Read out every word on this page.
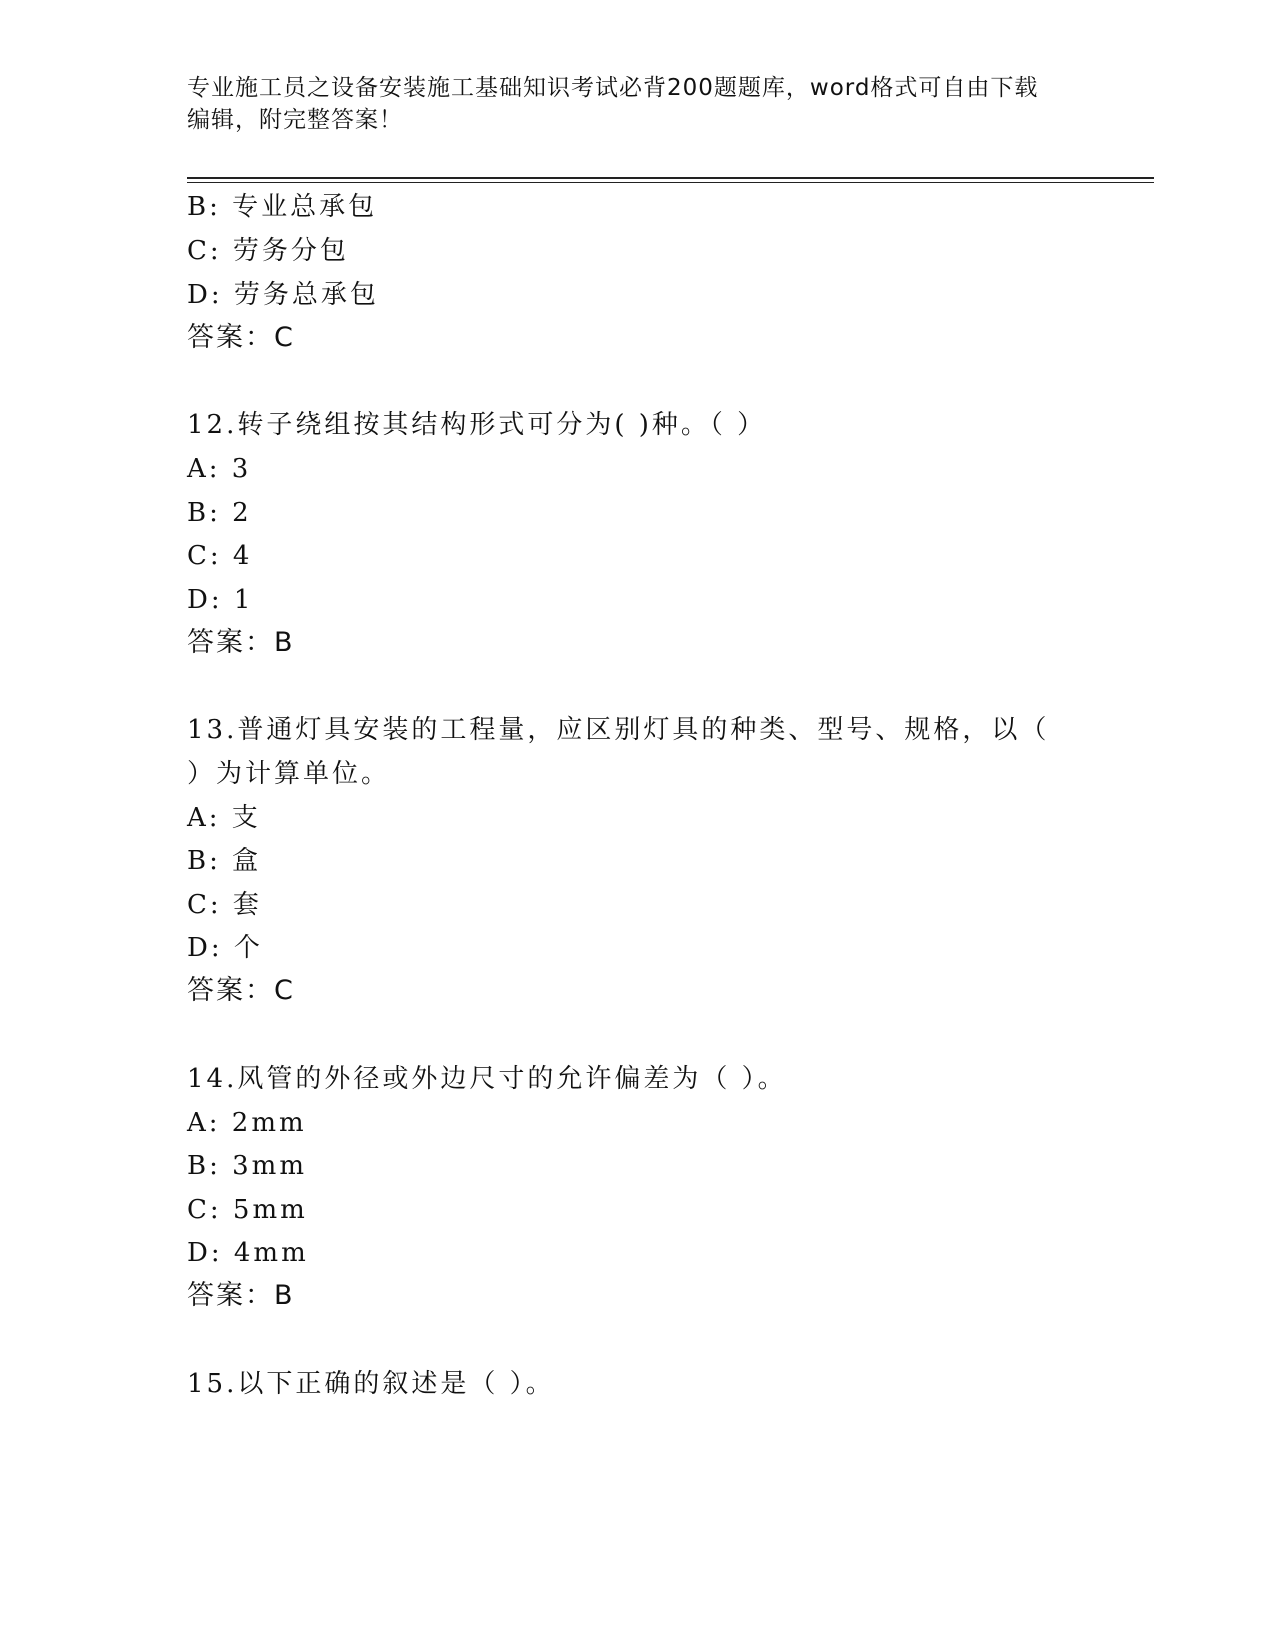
专业施工员之设备安装施工基础知识考试必背200题题库，word格式可自由下载
编辑，附完整答案！
B: 专业总承包
C: 劳务分包
D: 劳务总承包
答案：C
12.转子绕组按其结构形式可分为( )种。（ ）
A: 3
B: 2
C: 4
D: 1
答案：B
13.普通灯具安装的工程量，应区别灯具的种类、型号、规格，以（
）为计算单位。
A: 支
B: 盒
C: 套
D: 个
答案：C
14.风管的外径或外边尺寸的允许偏差为（ ）。
A: 2mm
B: 3mm
C: 5mm
D: 4mm
答案：B
15.以下正确的叙述是（ ）。
